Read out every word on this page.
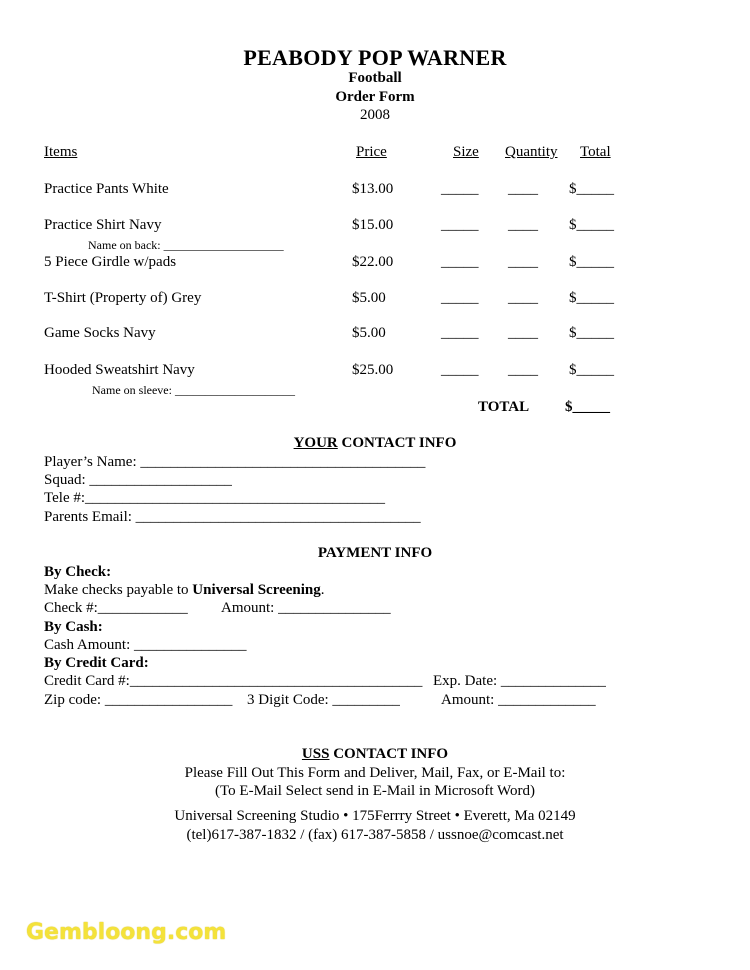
PEABODY POP WARNER
Football
Order Form
2008
Items	Price	Size Quantity Total
Practice Pants White	$13.00	_____ ____ $_____
Practice Shirt Navy	$15.00	_____ ____ $_____
Name on back: ____________________
5 Piece Girdle w/pads	$22.00	_____ ____ $_____
T-Shirt (Property of) Grey	$5.00	_____ ____ $_____
Game Socks Navy	$5.00	_____ ____ $_____
Hooded Sweatshirt Navy	$25.00	_____ ____ $_____
Name on sleeve: ____________________
TOTAL $_____
YOUR CONTACT INFO
Player’s Name: ______________________________________
Squad: ___________________
Tele #:________________________________________
Parents Email: ______________________________________
PAYMENT INFO
By Check:
Make checks payable to Universal Screening.
Check #:____________ Amount: _______________
By Cash:
Cash Amount: _______________
By Credit Card:
Credit Card #:_______________________________________ Exp. Date: ______________
Zip code: _________________ 3 Digit Code: _________	Amount: _____________
USS CONTACT INFO
Please Fill Out This Form and Deliver, Mail, Fax, or E-Mail to:
(To E-Mail Select send in E-Mail in Microsoft Word)
Universal Screening Studio • 175Ferrry Street • Everett, Ma 02149
(tel)617-387-1832 / (fax) 617-387-5858 / ussnoe@comcast.net
Gembloong.com
